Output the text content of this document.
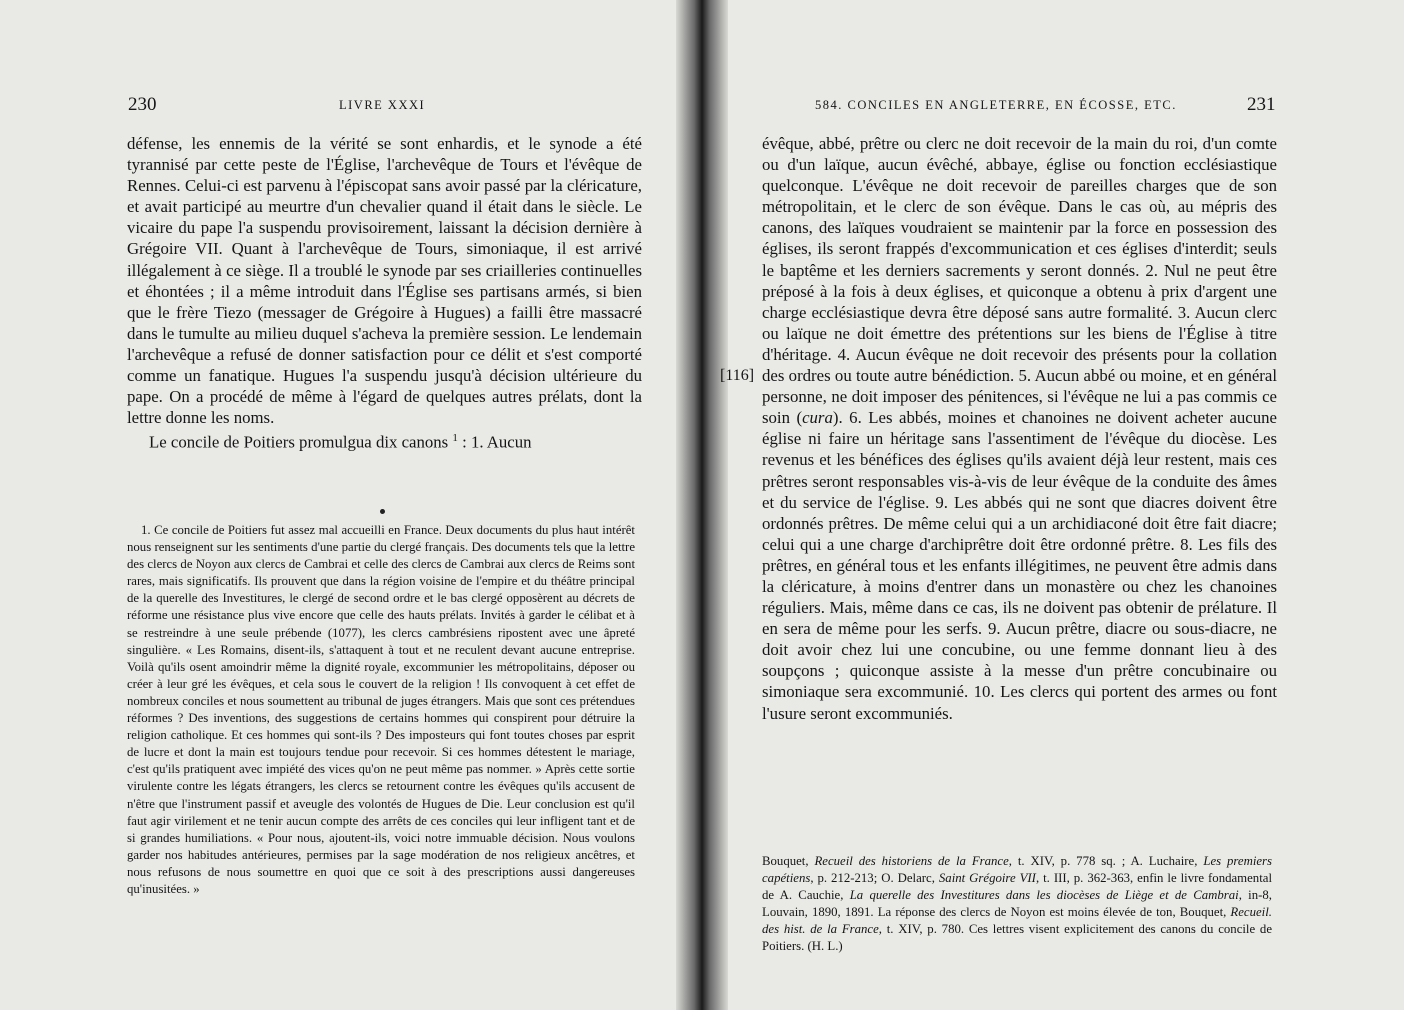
230	LIVRE XXXI

défense, les ennemis de la vérité se sont enhardis, et le synode a été tyrannisé par cette peste de l'Église, l'archevêque de Tours et l'évêque de Rennes. Celui-ci est parvenu à l'épiscopat sans avoir passé par la cléricature, et avait participé au meurtre d'un chevalier quand il était dans le siècle. Le vicaire du pape l'a suspendu provisoirement, laissant la décision dernière à Grégoire VII. Quant à l'archevêque de Tours, simoniaque, il est arrivé illégalement à ce siège. Il a troublé le synode par ses criailleries continuelles et éhontées ; il a même introduit dans l'Église ses partisans armés, si bien que le frère Tiezo (messager de Grégoire à Hugues) a failli être massacré dans le tumulte au milieu duquel s'acheva la première session. Le lendemain l'archevêque a refusé de donner satisfaction pour ce délit et s'est comporté comme un fanatique. Hugues l'a suspendu jusqu'à décision ultérieure du pape. On a procédé de même à l'égard de quelques autres prélats, dont la lettre donne les noms.

Le concile de Poitiers promulgua dix canons $^1$ : 1. Aucun

1. Ce concile de Poitiers fut assez mal accueilli en France. Deux documents du plus haut intérêt nous renseignent sur les sentiments d'une partie du clergé français. Des documents tels que la lettre des clercs de Noyon aux clercs de Cambrai et celle des clercs de Cambrai aux clercs de Reims sont rares, mais significatifs. Ils prouvent que dans la région voisine de l'empire et du théâtre principal de la querelle des Investitures, le clergé de second ordre et le bas clergé opposèrent au décrets de réforme une résistance plus vive encore que celle des hauts prélats. Invités à garder le célibat et à se restreindre à une seule prébende (1077), les clercs cambrésiens ripostent avec une âpreté singulière. « Les Romains, disent-ils, s'attaquent à tout et ne reculent devant aucune entreprise. Voilà qu'ils osent amoindrir même la dignité royale, excommunier les métropolitains, déposer ou créer à leur gré les évêques, et cela sous le couvert de la religion ! Ils convoquent à cet effet de nombreux conciles et nous soumettent au tribunal de juges étrangers. Mais que sont ces prétendues réformes ? Des inventions, des suggestions de certains hommes qui conspirent pour détruire la religion catholique. Et ces hommes qui sont-ils ? Des imposteurs qui font toutes choses par esprit de lucre et dont la main est toujours tendue pour recevoir. Si ces hommes détestent le mariage, c'est qu'ils pratiquent avec impiété des vices qu'on ne peut même pas nommer. » Après cette sortie virulente contre les légats étrangers, les clercs se retournent contre les évêques qu'ils accusent de n'être que l'instrument passif et aveugle des volontés de Hugues de Die. Leur conclusion est qu'il faut agir virilement et ne tenir aucun compte des arrêts de ces conciles qui leur infligent tant et de si grandes humiliations. « Pour nous, ajoutent-ils, voici notre immuable décision. Nous voulons garder nos habitudes antérieures, permises par la sage modération de nos religieux ancêtres, et nous refusons de nous soumettre en quoi que ce soit à des prescriptions aussi dangereuses qu'inusitées. »

584. CONCILES EN ANGLETERRE, EN ÉCOSSE, ETC.	231
[116]

évêque, abbé, prêtre ou clerc ne doit recevoir de la main du roi, d'un comte ou d'un laïque, aucun évêché, abbaye, église ou fonction ecclésiastique quelconque. L'évêque ne doit recevoir de pareilles charges que de son métropolitain, et le clerc de son évêque. Dans le cas où, au mépris des canons, des laïques voudraient se maintenir par la force en possession des églises, ils seront frappés d'excommunication et ces églises d'interdit; seuls le baptême et les derniers sacrements y seront donnés. 2. Nul ne peut être préposé à la fois à deux églises, et quiconque a obtenu à prix d'argent une charge ecclésiastique devra être déposé sans autre formalité. 3. Aucun clerc ou laïque ne doit émettre des prétentions sur les biens de l'Église à titre d'héritage. 4. Aucun évêque ne doit recevoir des présents pour la collation des ordres ou toute autre bénédiction. 5. Aucun abbé ou moine, et en général personne, ne doit imposer des pénitences, si l'évêque ne lui a pas commis ce soin (cura). 6. Les abbés, moines et chanoines ne doivent acheter aucune église ni faire un héritage sans l'assentiment de l'évêque du diocèse. Les revenus et les bénéfices des églises qu'ils avaient déjà leur restent, mais ces prêtres seront responsables vis-à-vis de leur évêque de la conduite des âmes et du service de l'église. 9. Les abbés qui ne sont que diacres doivent être ordonnés prêtres. De même celui qui a un archidiaconé doit être fait diacre; celui qui a une charge d'archiprêtre doit être ordonné prêtre. 8. Les fils des prêtres, en général tous et les enfants illégitimes, ne peuvent être admis dans la cléricature, à moins d'entrer dans un monastère ou chez les chanoines réguliers. Mais, même dans ce cas, ils ne doivent pas obtenir de prélature. Il en sera de même pour les serfs. 9. Aucun prêtre, diacre ou sous-diacre, ne doit avoir chez lui une concubine, ou une femme donnant lieu à des soupçons ; quiconque assiste à la messe d'un prêtre concubinaire ou simoniaque sera excommunié. 10. Les clercs qui portent des armes ou font l'usure seront excommuniés.

Bouquet, Recueil des historiens de la France, t. XIV, p. 778 sq. ; A. Luchaire, Les premiers capétiens, p. 212-213; O. Delarc, Saint Grégoire VII, t. III, p. 362-363, enfin le livre fondamental de A. Cauchie, La querelle des Investitures dans les diocèses de Liège et de Cambrai, in-8, Louvain, 1890, 1891. La réponse des clercs de Noyon est moins élevée de ton, Bouquet, Recueil. des hist. de la France, t. XIV, p. 780. Ces lettres visent explicitement des canons du concile de Poitiers. (H. L.)
